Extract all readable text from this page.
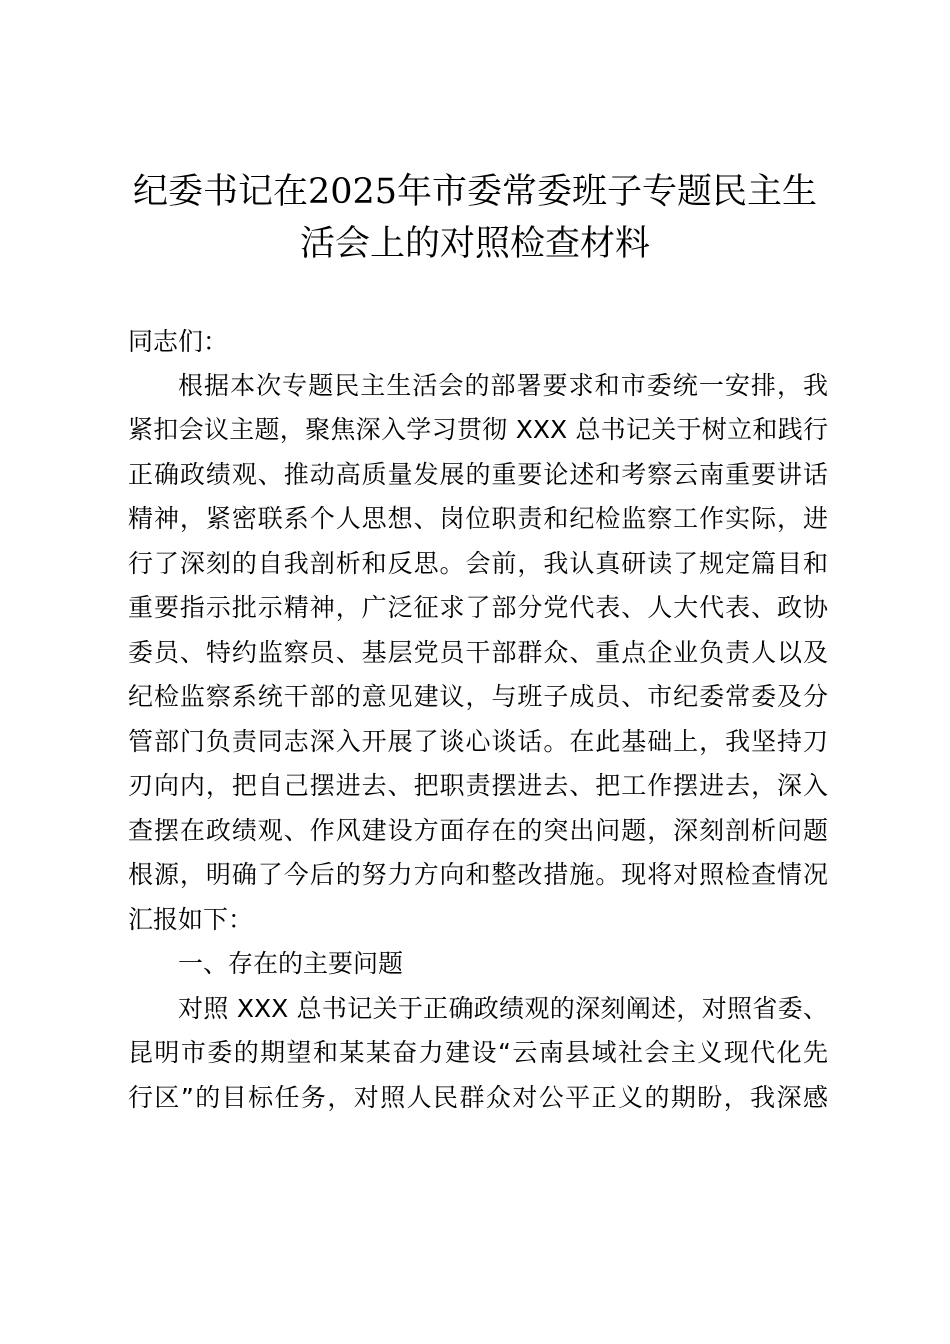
纪委书记在2025年市委常委班子专题民主生
活会上的对照检查材料
同志们：
根据本次专题民主生活会的部署要求和市委统一安排，我
紧扣会议主题，聚焦深入学习贯彻 XXX 总书记关于树立和践行
正确政绩观、推动高质量发展的重要论述和考察云南重要讲话
精神，紧密联系个人思想、岗位职责和纪检监察工作实际，进
行了深刻的自我剖析和反思。会前，我认真研读了规定篇目和
重要指示批示精神，广泛征求了部分党代表、人大代表、政协
委员、特约监察员、基层党员干部群众、重点企业负责人以及
纪检监察系统干部的意见建议，与班子成员、市纪委常委及分
管部门负责同志深入开展了谈心谈话。在此基础上，我坚持刀
刃向内，把自己摆进去、把职责摆进去、把工作摆进去，深入
查摆在政绩观、作风建设方面存在的突出问题，深刻剖析问题
根源，明确了今后的努力方向和整改措施。现将对照检查情况
汇报如下：
一、存在的主要问题
对照 XXX 总书记关于正确政绩观的深刻阐述，对照省委、
昆明市委的期望和某某奋力建设“云南县域社会主义现代化先
行区”的目标任务，对照人民群众对公平正义的期盼，我深感
